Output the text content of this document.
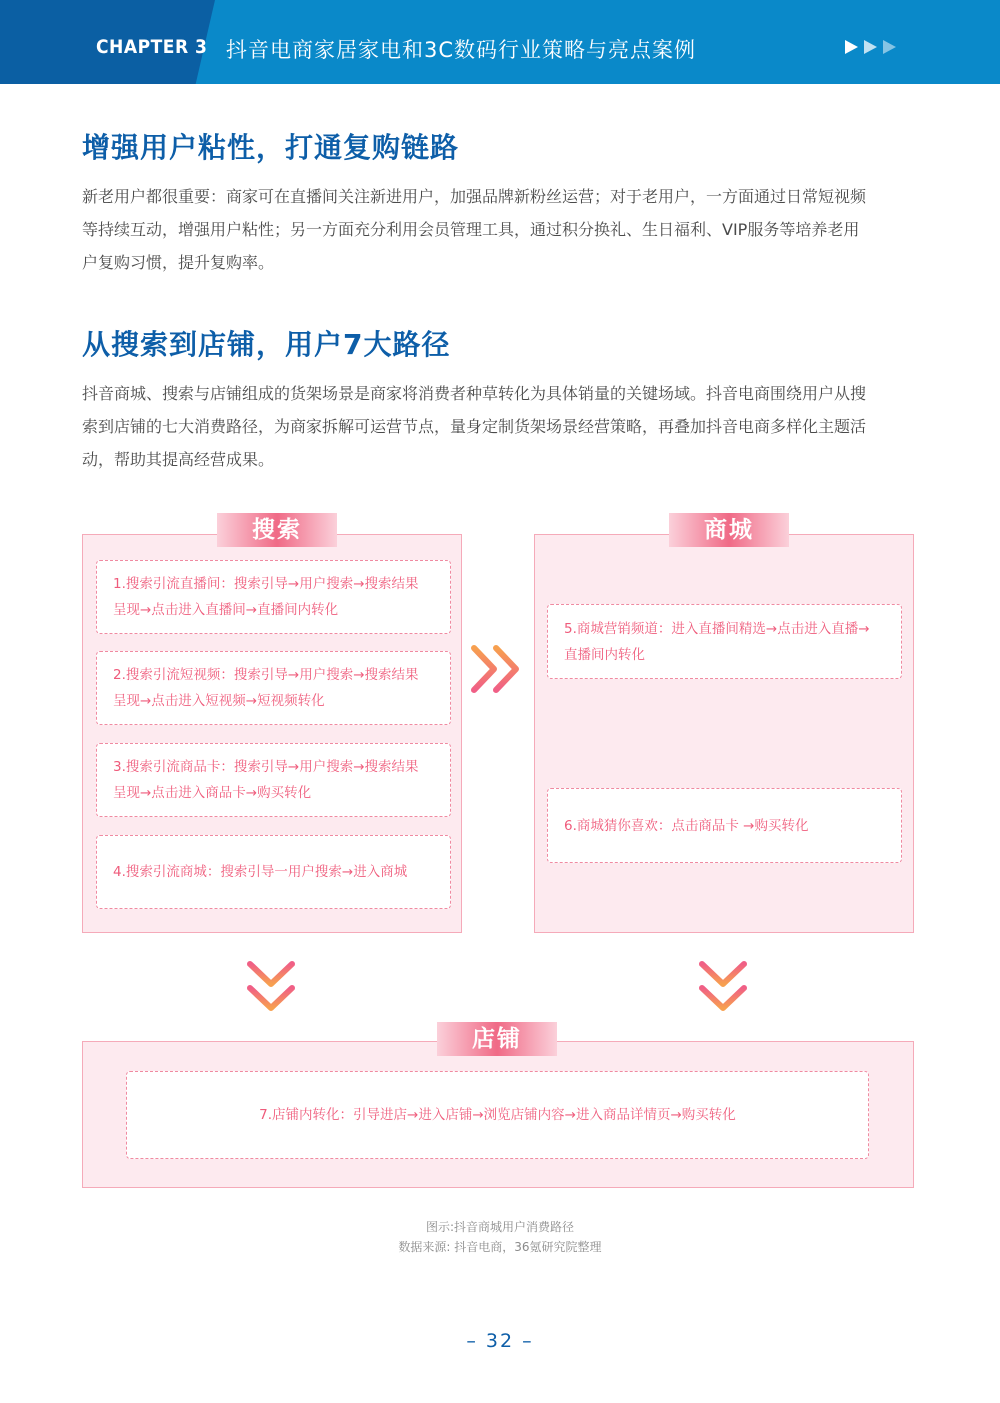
CHAPTER 3 抖音电商家居家电和3C数码行业策略与亮点案例
增强用户粘性，打通复购链路
新老用户都很重要：商家可在直播间关注新进用户，加强品牌新粉丝运营；对于老用户，一方面通过日常短视频
等持续互动，增强用户粘性；另一方面充分利用会员管理工具，通过积分换礼、生日福利、VIP服务等培养老用
户复购习惯，提升复购率。
从搜索到店铺，用户7大路径
抖音商城、搜索与店铺组成的货架场景是商家将消费者种草转化为具体销量的关键场域。抖音电商围绕用户从搜
索到店铺的七大消费路径，为商家拆解可运营节点，量身定制货架场景经营策略，再叠加抖音电商多样化主题活
动，帮助其提高经营成果。
搜索
1.搜索引流直播间：搜索引导→用户搜索→搜索结果
呈现→点击进入直播间→直播间内转化
2.搜索引流短视频：搜索引导→用户搜索→搜索结果
呈现→点击进入短视频→短视频转化
3.搜索引流商品卡：搜索引导→用户搜索→搜索结果
呈现→点击进入商品卡→购买转化
4.搜索引流商城：搜索引导一用户搜索→进入商城
商城
5.商城营销频道：进入直播间精选→点击进入直播→
直播间内转化
6.商城猜你喜欢：点击商品卡 →购买转化
店铺
7.店铺内转化：引导进店→进入店铺→浏览店铺内容→进入商品详情页→购买转化
图示:抖音商城用户消费路径
数据来源: 抖音电商，36氪研究院整理
– 32 –
